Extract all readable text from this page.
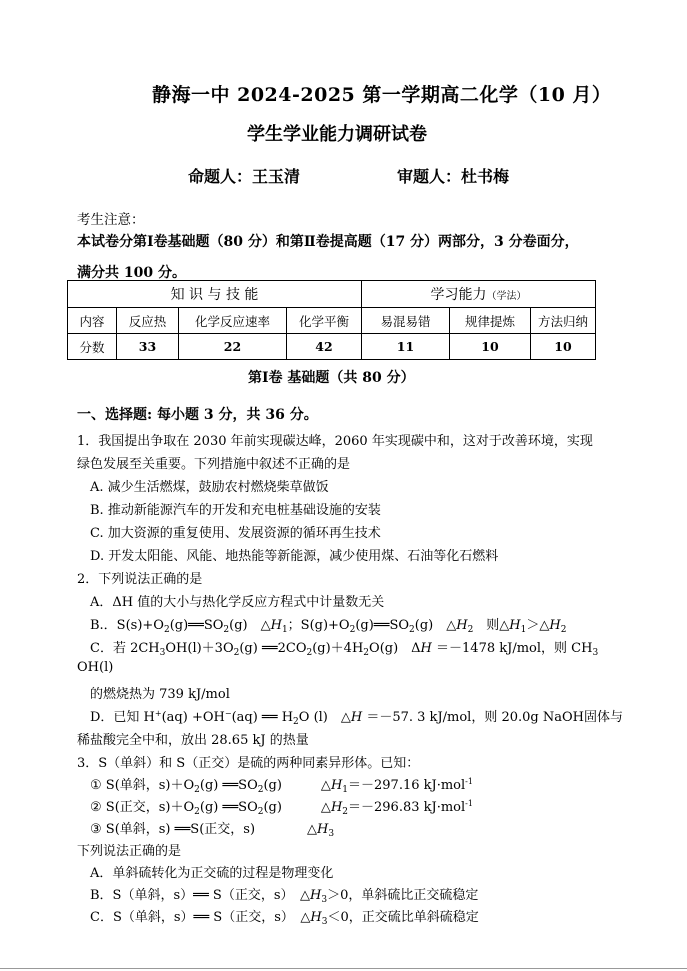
静海一中 2024-2025 第一学期高二化学（10 月）
学生学业能力调研试卷
命题人：王玉清	审题人：杜书梅
考生注意：
本试卷分第Ⅰ卷基础题（80 分）和第Ⅱ卷提高题（17 分）两部分，3 分卷面分，
满分共 100 分。
知 识 与 技 能				学习能力（学法）		
内容	反应热	化学反应速率	化学平衡	易混易错	规律提炼	方法归纳
分数	33	22	42	11	10	10
第Ⅰ卷 基础题（共 80 分）
一、选择题: 每小题 3 分，共 36 分。
1．我国提出争取在 2030 年前实现碳达峰，2060 年实现碳中和，这对于改善环境，实现
绿色发展至关重要。下列措施中叙述不正确的是
A. 减少生活燃煤，鼓励农村燃烧柴草做饭
B. 推动新能源汽车的开发和充电桩基础设施的安装
C. 加大资源的重复使用、发展资源的循环再生技术
D. 开发太阳能、风能、地热能等新能源，减少使用煤、石油等化石燃料
2．下列说法正确的是
A．ΔH 值的大小与热化学反应方程式中计量数无关
B.．$S(s)+O_2(g)══SO_2(g)$　$\triangle H_1$；$S(g)+O_2(g)══SO_2(g)$　$\triangle H_2$　则$\triangle H_1>\triangle H_2$
C．若 $2CH_3OH(l)+3O_2(g)$ $══2CO_2(g)+4H_2O(g)$　ΔH ＝－1478 kJ/mol，则 $CH_3$
OH(l)
的燃烧热为 739 kJ/mol
D．已知 H+(aq) +OH−(aq) ══ $H_2O$ (l)　△H ＝－57. 3 kJ/mol，则 20.0g NaOH固体与
稀盐酸完全中和，放出 28.65 kJ 的热量
3．S（单斜）和 S（正交）是硫的两种同素异形体。已知：
① S(单斜，$s)+O_2(g)$ $══SO_2(g)$　　　$\triangle H_1=-297.16$ kJ·mol$^{-1}$
② S(正交，$s)+O_2(g)$ $══SO_2(g)$　　　$\triangle H_2=-296.83$ kJ·mol$^{-1}$
③ S(单斜，s) ══S(正交，s)　　　　$\triangle H_3$
下列说法正确的是
A．单斜硫转化为正交硫的过程是物理变化
B．S（单斜，s）══ S（正交，s）　$\triangle H_3>0$，单斜硫比正交硫稳定
C．S（单斜，s）══ S（正交，s）　$\triangle H_3<0$，正交硫比单斜硫稳定
